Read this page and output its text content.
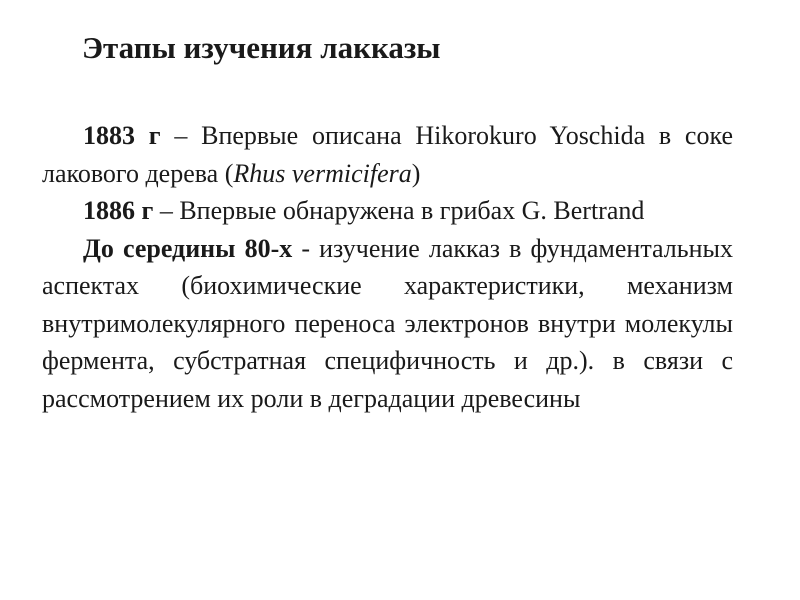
Этапы изучения лакказы

1883 г – Впервые описана Hikorokuro Yoschida в соке лакового дерева (Rhus vermicifera)

1886 г – Впервые обнаружена в грибах G. Bertrand

До середины 80-х - изучение лакказ в фундаментальных аспектах (биохимические характеристики, механизм внутримолекулярного переноса электронов внутри молекулы фермента, субстратная специфичность и др.). в связи с рассмотрением их роли в деградации древесины
